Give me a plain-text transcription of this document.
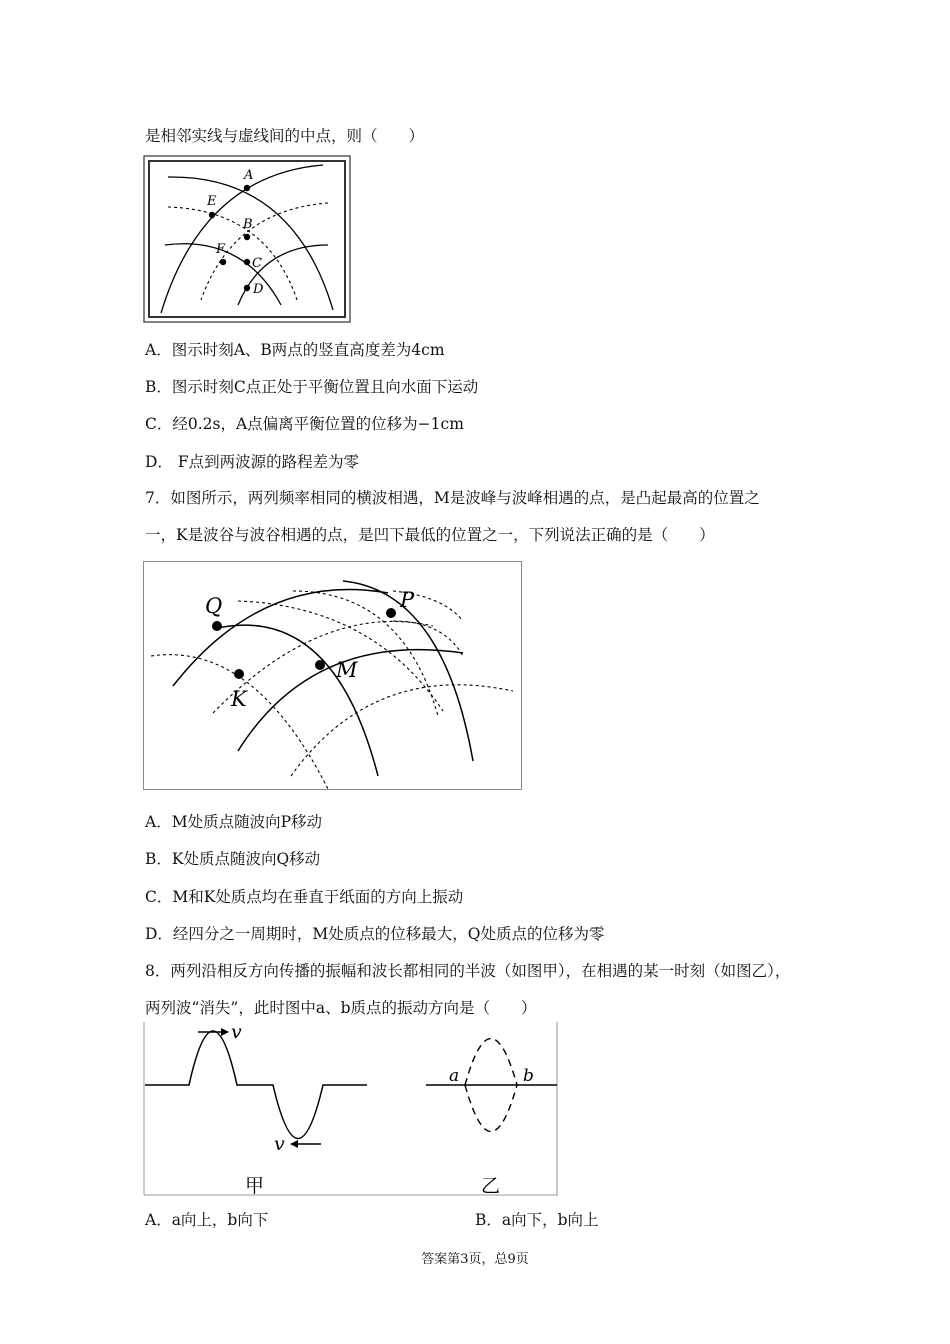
是相邻实线与虚线间的中点，则（　　）
A
E
B
F
C
D
A．图示时刻A、B两点的竖直高度差为4cm
B．图示时刻C点正处于平衡位置且向水面下运动
C．经0.2s，A点偏离平衡位置的位移为−1cm
D． F点到两波源的路程差为零
7．如图所示，两列频率相同的横波相遇，M是波峰与波峰相遇的点，是凸起最高的位置之
一，K是波谷与波谷相遇的点，是凹下最低的位置之一，下列说法正确的是（　　）
Q	P
M
K
A．M处质点随波向P移动
B．K处质点随波向Q移动
C．M和K处质点均在垂直于纸面的方向上振动
D．经四分之一周期时，M处质点的位移最大，Q处质点的位移为零
8．两列沿相反方向传播的振幅和波长都相同的半波（如图甲），在相遇的某一时刻（如图乙），
两列波“消失”，此时图中a、b质点的振动方向是（　　）
v
v
甲
a	b
乙
A．a向上，b向下	B．a向下，b向上
答案第3页，总9页
